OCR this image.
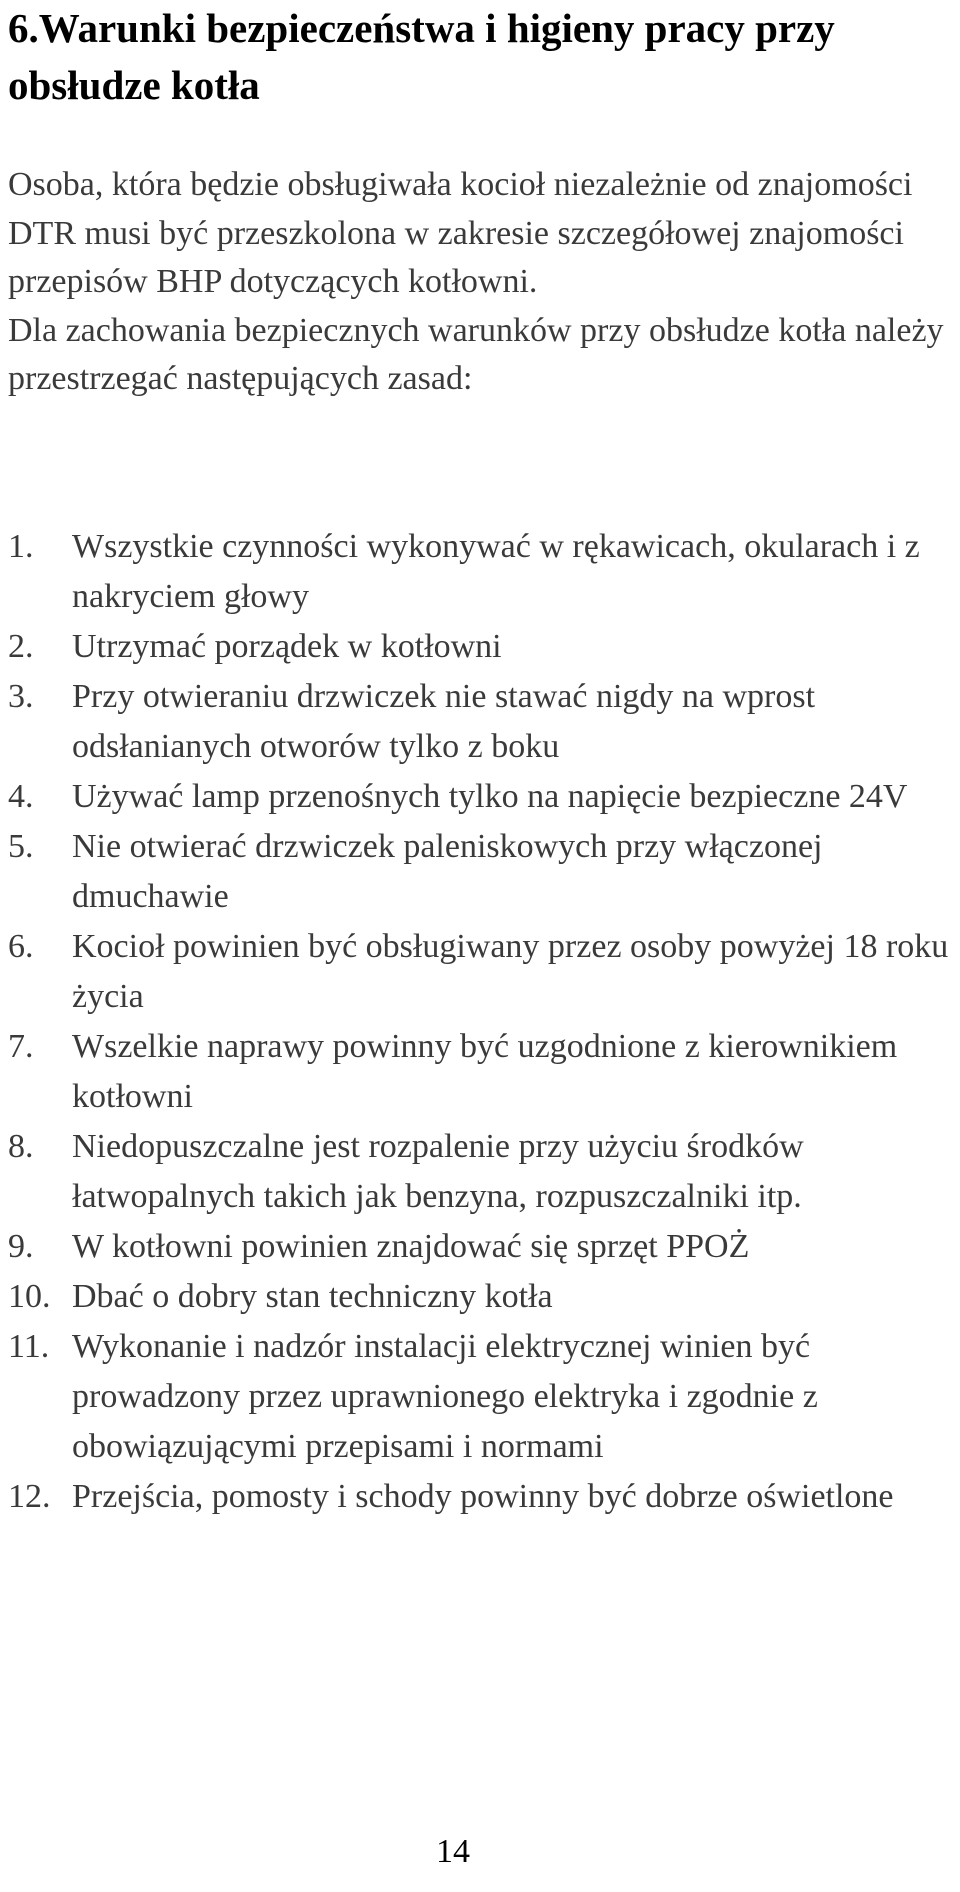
6.Warunki bezpieczeństwa i higieny pracy przy obsłudze kotła

Osoba, która będzie obsługiwała kocioł niezależnie od znajomości DTR musi być przeszkolona w zakresie szczegółowej znajomości przepisów BHP dotyczących kotłowni.

Dla zachowania bezpiecznych warunków przy obsłudze kotła należy przestrzegać następujących zasad:

1. Wszystkie czynności wykonywać w rękawicach, okularach i z nakryciem głowy
2. Utrzymać porządek w kotłowni
3. Przy otwieraniu drzwiczek nie stawać nigdy na wprost odsłanianych otworów tylko z boku
4. Używać lamp przenośnych tylko na napięcie bezpieczne 24V
5. Nie otwierać drzwiczek paleniskowych przy włączonej dmuchawie
6. Kocioł powinien być obsługiwany przez osoby powyżej 18 roku życia
7. Wszelkie naprawy powinny być uzgodnione z kierownikiem kotłowni
8. Niedopuszczalne jest rozpalenie przy użyciu środków łatwopalnych takich jak benzyna, rozpuszczalniki itp.
9. W kotłowni powinien znajdować się sprzęt PPOŻ
10. Dbać o dobry stan techniczny kotła
11. Wykonanie i nadzór instalacji elektrycznej winien być prowadzony przez uprawnionego elektryka i zgodnie z obowiązującymi przepisami i normami
12. Przejścia, pomosty i schody powinny być dobrze oświetlone
14
